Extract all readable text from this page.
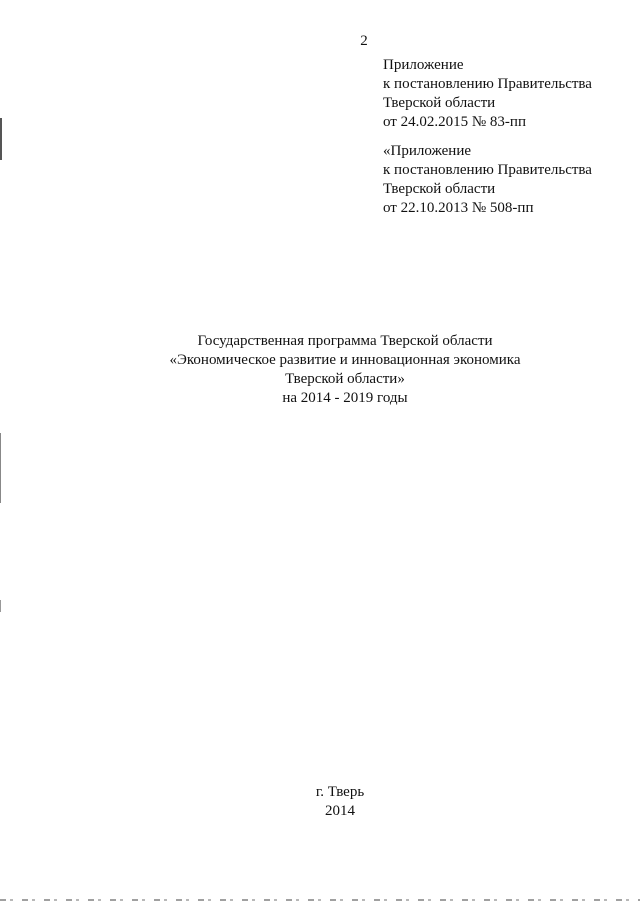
2
Приложение
к постановлению Правительства
Тверской области
от 24.02.2015 № 83-пп
«Приложение
к постановлению Правительства
Тверской области
от 22.10.2013 № 508-пп
Государственная программа Тверской области
«Экономическое развитие и инновационная экономика
Тверской области»
на 2014 - 2019 годы
г. Тверь
2014
